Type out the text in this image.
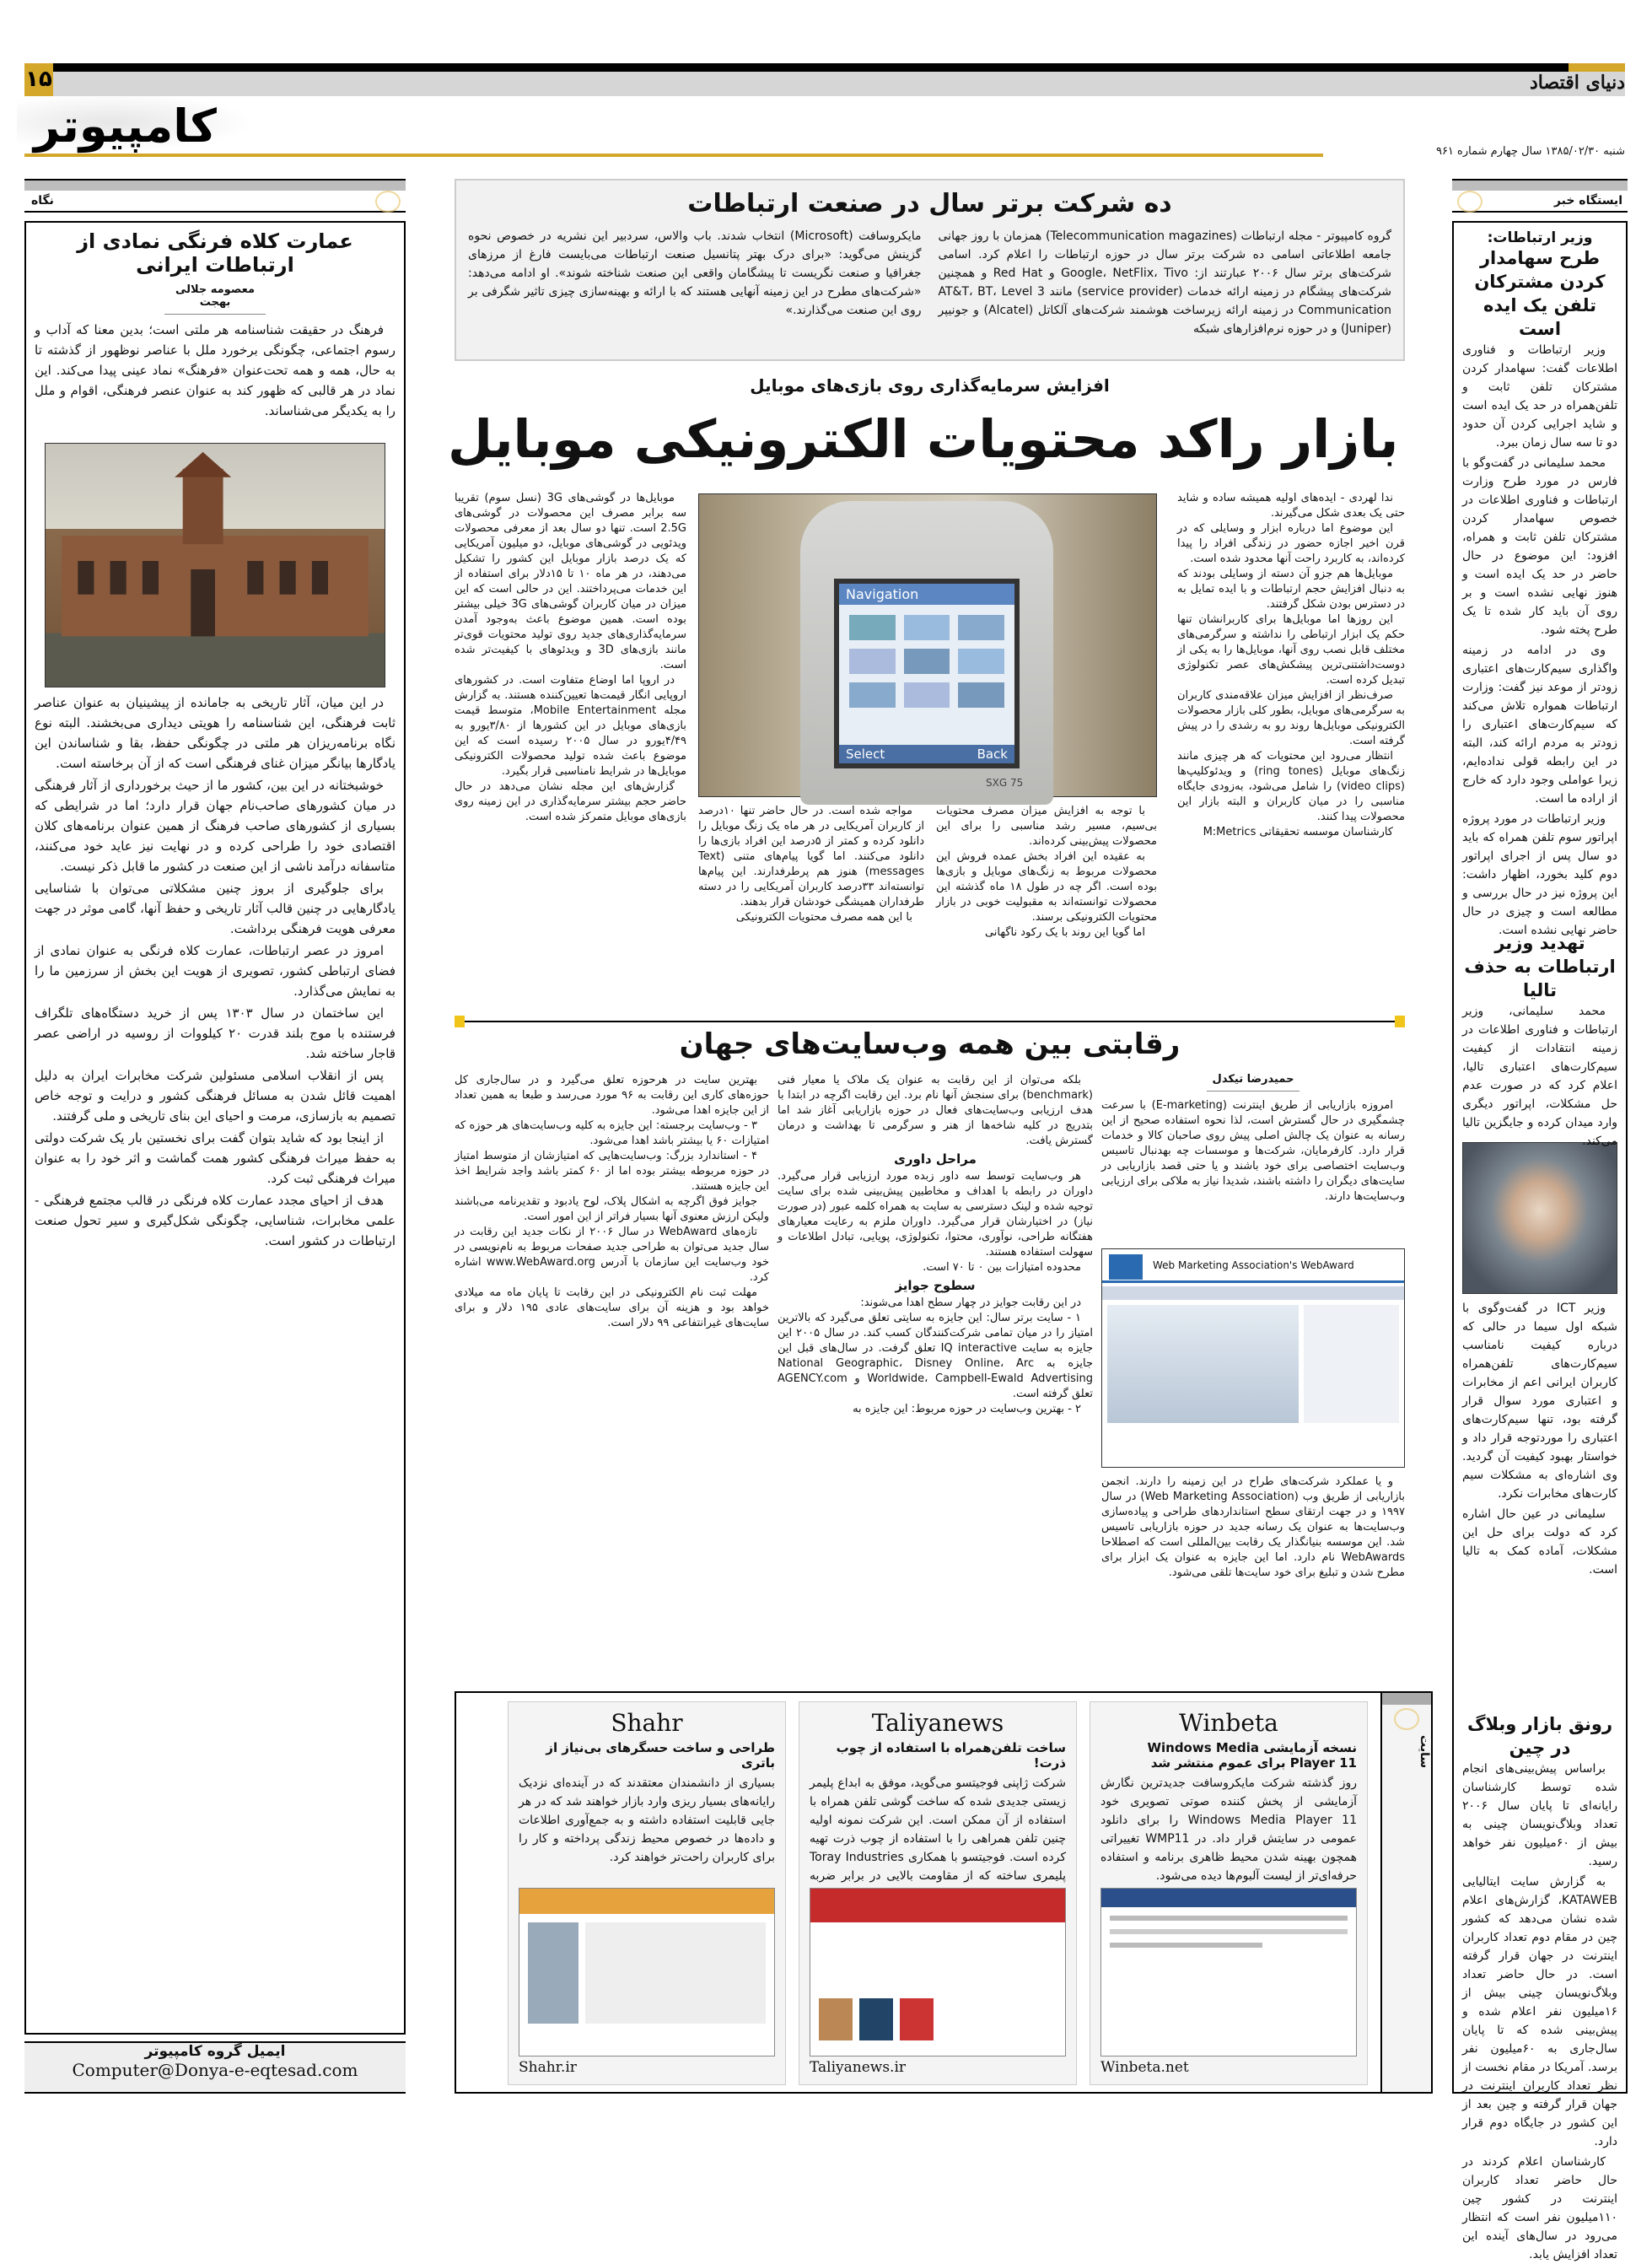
۱۵	دنیای اقتصاد
کامپیوتر	شنبه ۱۳۸۵/۰۲/۳۰ سال چهارم شماره ۹۶۱
نگاه
عمارت کلاه فرنگی نمادی از ارتباطات ایرانی
معصومه جلالی بهجت

فرهنگ در حقیقت شناسنامه هر ملتی است؛ بدین معنا که آداب و رسوم اجتماعی، چگونگی برخورد ملل با عناصر نوظهور از گذشته تا به حال، همه و همه تحت‌عنوان «فرهنگ» نماد عینی پیدا می‌کند. این نماد در هر قالبی که ظهور کند به عنوان عنصر فرهنگی، اقوام و ملل را به یکدیگر می‌شناساند.

در این میان، آثار تاریخی به جامانده از پیشینیان به عنوان عناصر ثابت فرهنگی، این شناسنامه را هویتی دیداری می‌بخشند. البته نوع نگاه برنامه‌ریزان هر ملتی در چگونگی حفظ، بقا و شناساندن این یادگارها بیانگر میزان غنای فرهنگی است که از آن برخاسته است.

خوشبختانه در این بین، کشور ما از حیث برخورداری از آثار فرهنگی در میان کشورهای صاحب‌نام جهان قرار دارد؛ اما در شرایطی که بسیاری از کشورهای صاحب فرهنگ از همین عنوان برنامه‌های کلان اقتصادی خود را طراحی کرده و در نهایت نیز عاید خود می‌کنند، متاسفانه درآمد ناشی از این صنعت در کشور ما قابل ذکر نیست.

برای جلوگیری از بروز چنین مشکلاتی می‌توان با شناسایی یادگارهایی در چنین قالب آثار تاریخی و حفظ آنها، گامی موثر در جهت معرفی هویت فرهنگی برداشت.

امروز در عصر ارتباطات، عمارت کلاه فرنگی به عنوان نمادی از فضای ارتباطی کشور، تصویری از هویت این بخش از سرزمین ما را به نمایش می‌گذارد.

این ساختمان در سال ۱۳۰۳ پس از خرید دستگاه‌های تلگراف فرستنده با موج بلند قدرت ۲۰ کیلووات از روسیه در اراضی عصر قاجار ساخته شد.

پس از انقلاب اسلامی مسئولین شرکت مخابرات ایران به دلیل اهمیت قائل شدن به مسائل فرهنگی کشور و درایت و توجه خاص تصمیم به بازسازی، مرمت و احیای این بنای تاریخی و ملی گرفتند.

از اینجا بود که شاید بتوان گفت برای نخستین بار یک شرکت دولتی به حفظ میراث فرهنگی کشور همت گماشت و اثر خود را به عنوان میراث فرهنگی ثبت کرد.

هدف از احیای مجدد عمارت کلاه فرنگی در قالب مجتمع فرهنگی - علمی مخابرات، شناسایی، چگونگی شکل‌گیری و سیر تحول صنعت ارتباطات در کشور است.

ایمیل گروه کامپیوتر
Computer@Donya-e-eqtesad.com
ده شرکت برتر سال در صنعت ارتباطات
گروه کامپیوتر - مجله ارتباطات (Telecommunication magazines) همزمان با روز جهانی جامعه اطلاعاتی اسامی ده شرکت برتر سال در حوزه ارتباطات را اعلام کرد. اسامی شرکت‌های برتر سال ۲۰۰۶ عبارتند از: Google، NetFlix، Tivo و Red Hat و همچنین شرکت‌های پیشگام در زمینه ارائه خدمات (service provider) مانند AT&T، BT، Level 3 Communication در زمینه ارائه زیرساخت هوشمند شرکت‌های آلکاتل (Alcatel) و جونیپر (Juniper) و در حوزه نرم‌افزارهای شبکه
مایکروسافت (Microsoft) انتخاب شدند. باب والاس، سردبیر این نشریه در خصوص نحوه گزینش می‌گوید: «برای درک بهتر پتانسیل صنعت ارتباطات می‌بایست فارغ از مرزهای جغرافیا و صنعت نگریست تا پیشگامان واقعی این صنعت شناخته شوند». او ادامه می‌دهد: «شرکت‌های مطرح در این زمینه آنهایی هستند که با ارائه و بهینه‌سازی چیزی تاثیر شگرفی بر روی این صنعت می‌گذارند.»
افزایش سرمایه‌گذاری روی بازی‌های موبایل
بازار راکد محتویات الکترونیکی موبایل

ندا لهردی - ایده‌های اولیه همیشه ساده و شاید حتی یک بعدی شکل می‌گیرند.

این موضوع اما درباره ابزار و وسایلی که در قرن اخیر اجازه حضور در زندگی افراد را پیدا کرده‌اند، به کاربرد راحت آنها محدود شده است.

موبایل‌ها هم جزو آن دسته از وسایلی بودند که به دنبال افزایش حجم ارتباطات و با ایده تمایل به در دسترس بودن شکل گرفتند.

این روزها اما موبایل‌ها برای کاربرانشان تنها حکم یک ابزار ارتباطی را نداشته و سرگرمی‌های مختلف قابل نصب روی آنها، موبایل‌ها را به یکی از دوست‌داشتنی‌ترین پیشکش‌های عصر تکنولوژی تبدیل کرده است.

صرف‌نظر از افزایش میزان علاقه‌مندی کاربران به سرگرمی‌های موبایل، بطور کلی بازار محصولات الکترونیکی موبایل‌ها روند رو به رشدی را در پیش گرفته است.

انتظار می‌رود این محتویات که هر چیزی مانند زنگ‌های موبایل (ring tones) و ویدئوکلیپ‌ها (video clips) را شامل می‌شود، به‌زودی جایگاه مناسبی را در میان کاربران و البته بازار این محصولات پیدا کنند.

کارشناسان موسسه تحقیقاتی M:Metrics

Navigation
Select	Back
SXG 75

با توجه به افزایش میزان مصرف محتویات بی‌سیم، مسیر رشد مناسبی را برای این محصولات پیش‌بینی کرده‌اند.

به عقیده این افراد بخش عمده فروش این محصولات مربوط به زنگ‌های موبایل و بازی‌ها بوده است. اگر چه در طول ۱۸ ماه گذشته این محصولات توانسته‌اند به مقبولیت خوبی در بازار محتویات الکترونیکی برسند.

اما گویا این روند با یک رکود ناگهانی

مواجه شده است. در حال حاضر تنها ۱۰درصد از کاربران آمریکایی در هر ماه یک زنگ موبایل را دانلود کرده و کمتر از ۵درصد این افراد بازی‌ها را دانلود می‌کنند. اما گویا پیام‌های متنی (Text messages) هنوز هم پرطرفدارند. این پیام‌ها توانسته‌اند ۳۳درصد کاربران آمریکایی را در دسته طرفداران همیشگی خودشان قرار بدهند.

با این همه مصرف محتویات الکترونیکی

موبایل‌ها در گوشی‌های 3G (نسل سوم) تقریبا سه برابر مصرف این محصولات در گوشی‌های 2.5G است. تنها دو سال بعد از معرفی محصولات ویدئویی در گوشی‌های موبایل، دو میلیون آمریکایی که یک درصد بازار موبایل این کشور را تشکیل می‌دهند، در هر ماه ۱۰ تا ۱۵دلار برای استفاده از این خدمات می‌پرداختند. این در حالی است که این میزان در میان کاربران گوشی‌های 3G خیلی بیشتر بوده است. همین موضوع باعث به‌وجود آمدن سرمایه‌گذاری‌های جدید روی تولید محتویات قوی‌تر مانند بازی‌های 3D و ویدئوهای با کیفیت‌تر شده است.

در اروپا اما اوضاع متفاوت است. در کشورهای اروپایی انگار قیمت‌ها تعیین‌کننده هستند. به گزارش مجله Mobile Entertainment، متوسط قیمت بازی‌های موبایل در این کشورها از ۳/۸۰یورو به ۴/۴۹یورو در سال ۲۰۰۵ رسیده است که این موضوع باعث شده تولید محصولات الکترونیکی موبایل‌ها در شرایط نامناسبی قرار بگیرد.

گزارش‌های این مجله نشان می‌دهد در حال حاضر حجم بیشتر سرمایه‌گذاری در این زمینه روی بازی‌های موبایل متمرکز شده است.

رقابتی بین همه وب‌سایت‌های جهان
حمیدرضا تیکدل

امروزه بازاریابی از طریق اینترنت (E-marketing) با سرعت چشمگیری در حال گسترش است، لذا نحوه استفاده صحیح از این رسانه به عنوان یک چالش اصلی پیش روی صاحبان کالا و خدمات قرار دارد. کارفرمایان، شرکت‌ها و موسسات چه بهدنبال تاسیس وب‌سایت اختصاصی برای خود باشند و یا حتی قصد بازاریابی در سایت‌های دیگران را داشته باشند، شدیدا نیاز به ملاکی برای ارزیابی وب‌سایت‌ها دارند.

Web Marketing Association's WebAward

و یا عملکرد شرکت‌های طراح در این زمینه را دارند. انجمن بازاریابی از طریق وب (Web Marketing Association) در سال ۱۹۹۷ و در جهت ارتقای سطح استانداردهای طراحی و پیاده‌سازی وب‌سایت‌ها به عنوان یک رسانه جدید در حوزه بازاریابی تاسیس شد. این موسسه بنیانگذار یک رقابت بین‌المللی است که اصطلاحا WebAwards نام دارد. اما این جایزه به عنوان یک ابزار برای مطرح شدن و تبلیغ برای خود سایت‌ها تلقی می‌شود.

بلکه می‌توان از این رقابت به عنوان یک ملاک یا معیار فنی (benchmark) برای سنجش آنها نام برد. این رقابت اگرچه در ابتدا با هدف ارزیابی وب‌سایت‌های فعال در حوزه بازاریابی آغاز شد اما بتدریج در کلیه شاخه‌ها از هنر و سرگرمی تا بهداشت و درمان گسترش یافت.

مراحل داوری

هر وب‌سایت توسط سه داور زبده مورد ارزیابی قرار می‌گیرد. داوران در رابطه با اهداف و مخاطبین پیش‌بینی شده برای سایت توجیه شده و لینک دسترسی به سایت به همراه کلمه عبور (در صورت نیاز) در اختیارشان قرار می‌گیرد. داوران ملزم به رعایت معیارهای هفتگانه طراحی، نوآوری، محتوا، تکنولوژی، پویایی، تبادل اطلاعات و سهولت استفاده هستند.

محدوده امتیازات بین ۰ تا ۷۰ است.

سطوح جوایز

در این رقابت جوایز در چهار سطح اهدا می‌شوند:

۱ - سایت برتر سال: این جایزه به سایتی تعلق می‌گیرد که بالاترین امتیاز را در میان تمامی شرکت‌کنندگان کسب کند. در سال ۲۰۰۵ این جایزه به سایت IQ interactive تعلق گرفت. در سال‌های قبل این جایزه به National Geographic، Disney Online، Arc Worldwide، Campbell-Ewald Advertising و AGENCY.com تعلق گرفته است.

۲ - بهترین وب‌سایت در حوزه مربوط: این جایزه به

بهترین سایت در هرحوزه تعلق می‌گیرد و در سال‌جاری کل حوزه‌های کاری این رقابت به ۹۶ مورد می‌رسد و طبعا به همین تعداد از این جایزه اهدا می‌شود.

۳ - وب‌سایت برجسته: این جایزه به کلیه وب‌سایت‌های هر حوزه که امتیازات ۶۰ یا بیشتر باشد اهدا می‌شود.

۴ - استاندارد بزرگ: وب‌سایت‌هایی که امتیازشان از متوسط امتیاز در حوزه مربوطه بیشتر بوده اما از ۶۰ کمتر باشد واجد شرایط اخذ این جایزه هستند.

جوایز فوق اگرچه به اشکال پلاک، لوح یادبود و تقدیرنامه می‌باشند ولیکن ارزش معنوی آنها بسیار فراتر از این امور است.

تازه‌های WebAward در سال ۲۰۰۶ از نکات جدید این رقابت در سال جدید می‌توان به طراحی جدید صفحات مربوط به نام‌نویسی در خود وب‌سایت این سازمان با آدرس www.WebAward.org اشاره کرد.

مهلت ثبت نام الکترونیکی در این رقابت تا پایان ماه مه میلادی خواهد بود و هزینه آن برای سایت‌های عادی ۱۹۵ دلار و برای سایت‌های غیرانتفاعی ۹۹ دلار است.

سایت
Winbeta
نسخه آزمایشی Windows Media Player 11 برای عموم منتشر شد
روز گذشته شرکت مایکروسافت جدیدترین نگارش آزمایشی از پخش کننده صوتی تصویری خود Windows Media Player 11 را برای دانلود عمومی در سایتش قرار داد. در WMP11 تغییراتی همچون بهینه شدن محیط ظاهری برنامه و استفاده حرفه‌ای‌تر از لیست آلبوم‌ها دیده می‌شود.
Winbeta.net
Taliyanews
ساخت تلفن‌همراه با استفاده از چوب ذرت!
شرکت ژاپنی فوجیتسو می‌گوید، موفق به ابداع پلیمر زیستی جدیدی شده که ساخت گوشی تلفن همراه با استفاده از آن ممکن است. این شرکت نمونه اولیه چنین تلفن همراهی را با استفاده از چوب ذرت تهیه کرده است. فوجیتسو با همکاری Toray Industries پلیمری ساخته که از مقاومت بالایی در برابر ضربه
Taliyanews.ir
Shahr
طراحی و ساخت حسگرهای بی‌نیاز از باتری
بسیاری از دانشمندان معتقدند که در آینده‌ای نزدیک رایانه‌های بسیار ریزی وارد بازار خواهند شد که در هر جایی قابلیت استفاده داشته و به جمع‌آوری اطلاعات و داده‌ها در خصوص محیط زندگی پرداخته و کار را برای کاربران راحت‌تر خواهند کرد.
Shahr.ir
ایستگاه خبر
وزیر ارتباطات:
طرح سهامدار کردن مشترکان تلفن یک ایده است

وزیر ارتباطات و فناوری اطلاعات گفت: سهامدار کردن مشترکان تلفن ثابت و تلفن‌همراه در حد یک ایده است و شاید اجرایی کردن آن حدود دو تا سه سال زمان ببرد.

محمد سلیمانی در گفت‌وگو با فارس در مورد طرح وزارت ارتباطات و فناوری اطلاعات در خصوص سهامدار کردن مشترکان تلفن ثابت و همراه، افزود: این موضوع در حال حاضر در حد یک ایده است و هنوز نهایی نشده است و بر روی آن باید کار شده تا یک طرح پخته شود.

وی در ادامه در زمینه واگذاری سیم‌کارت‌های اعتباری زودتر از موعد نیز گفت: وزارت ارتباطات همواره تلاش می‌کند که سیم‌کارت‌های اعتباری را زودتر به مردم ارائه کند، البته در این رابطه قولی نداده‌ایم، زیرا عواملی وجود دارد که خارج از اراده ما است.

وزیر ارتباطات در مورد پروژه اپراتور سوم تلفن همراه که باید دو سال پس از اجرای اپراتور دوم کلید بخورد، اظهار داشت: این پروژه نیز در حال بررسی و مطالعه است و چیزی در حال حاضر نهایی نشده است.

تهدید وزیر ارتباطات به حذف تالیا

محمد سلیمانی، وزیر ارتباطات و فناوری اطلاعات در زمینه انتقادات از کیفیت سیم‌کارت‌های اعتباری تالیا، اعلام کرد که در صورت عدم حل مشکلات، اپراتور دیگری وارد میدان کرده و جایگزین تالیا می‌کند.

وزیر ICT در گفت‌وگوی با شبکه اول سیما در حالی که درباره کیفیت نامناسب سیم‌کارت‌های تلفن‌همراه کاربران ایرانی اعم از مخابرات و اعتباری مورد سوال قرار گرفته بود، تنها سیم‌کارت‌های اعتباری را موردتوجه قرار داد و خواستار بهبود کیفیت آن گردید. وی اشاره‌ای به مشکلات سیم کارت‌های مخابرات نکرد.

سلیمانی در عین حال اشاره کرد که دولت برای حل این مشکلات، آماده کمک به تالیا است.

رونق بازار وبلاگ در چین

براساس پیش‌بینی‌های انجام شده توسط کارشناسان رایانه‌ای تا پایان سال ۲۰۰۶ تعداد وبلاگ‌نویسان چینی به بیش از ۶۰میلیون نفر خواهد رسید.

به گزارش سایت ایتالیایی KATAWEB، گزارش‌های اعلام شده نشان می‌دهد که کشور چین در مقام دوم تعداد کاربران اینترنت در جهان قرار گرفته است. در حال حاضر تعداد وبلاگ‌نویسان چینی بیش از ۱۶میلیون نفر اعلام شده و پیش‌بینی شده که تا پایان سال‌جاری به ۶۰میلیون نفر برسد. آمریکا در مقام نخست از نظر تعداد کاربران اینترنت در جهان قرار گرفته و چین بعد از این کشور در جایگاه دوم قرار دارد.

کارشناسان اعلام کردند در حال حاضر تعداد کاربران اینترنت در کشور چین ۱۱۰میلیون نفر است که انتظار می‌رود در سال‌های آینده این تعداد افزایش یابد.
